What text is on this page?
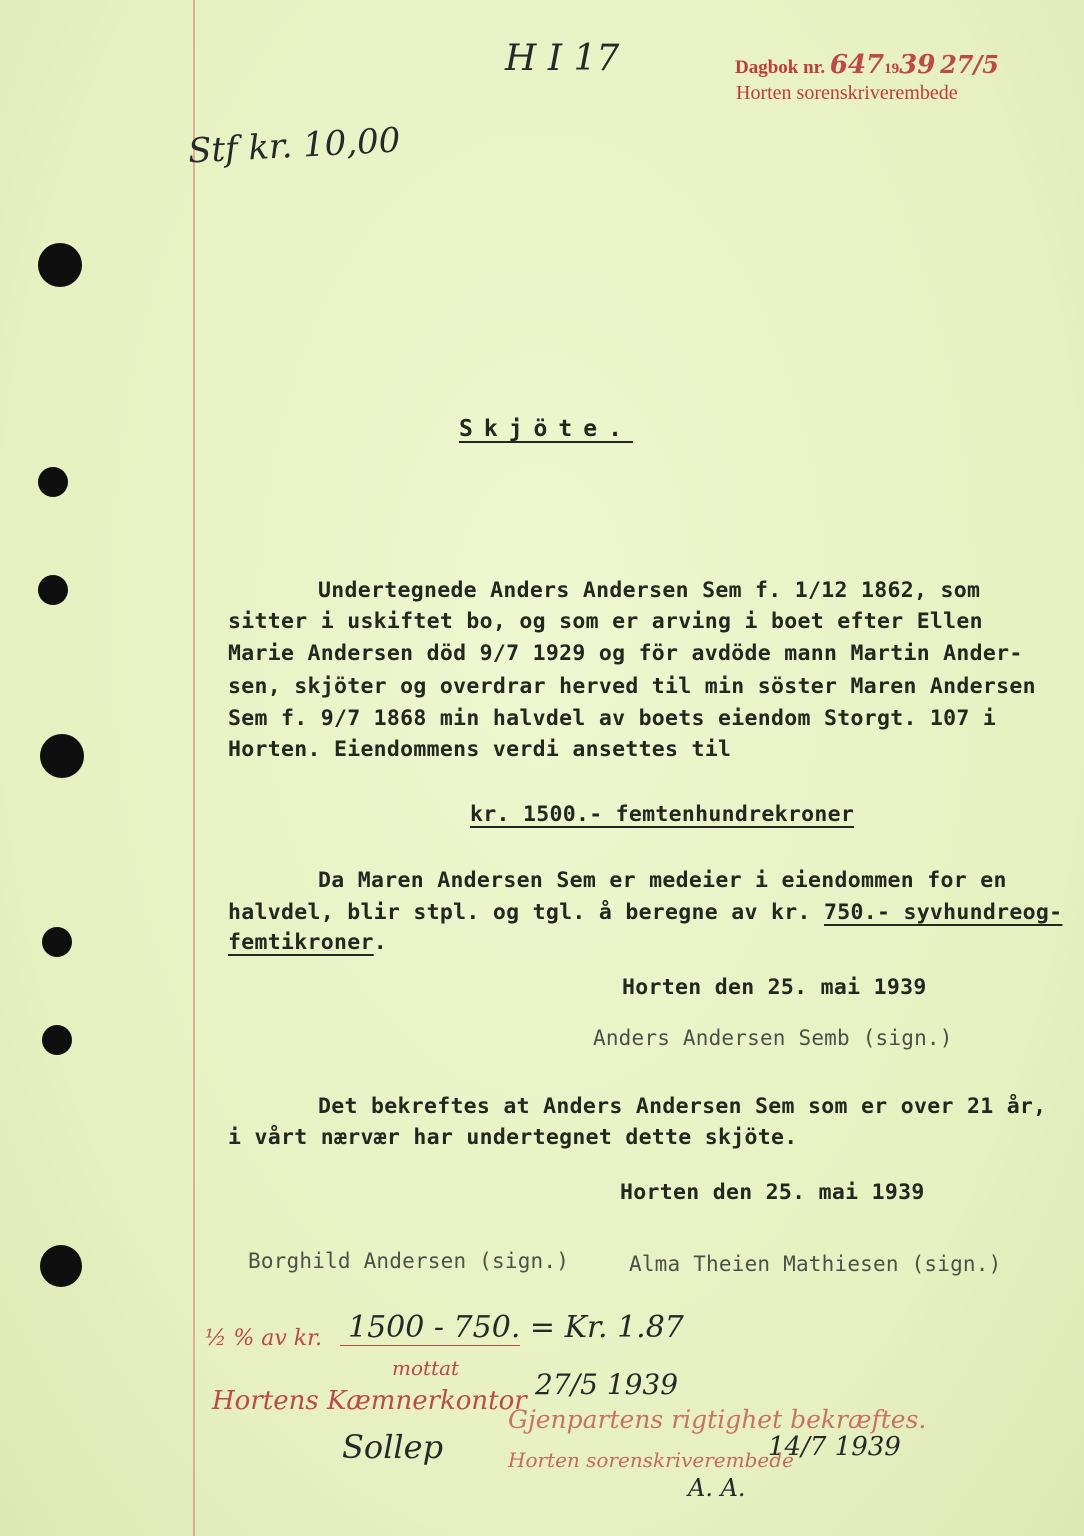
H I 17	Dagbok nr. 6471939 27/5
Horten sorenskriverembede
Stf kr. 10,00
Skjöte.
Undertegnede Anders Andersen Sem f. 1/12 1862, som
sitter i uskiftet bo, og som er arving i boet efter Ellen
Marie Andersen död 9/7 1929 og för avdöde mann Martin Ander-
sen, skjöter og overdrar herved til min söster Maren Andersen
Sem f. 9/7 1868 min halvdel av boets eiendom Storgt. 107 i
Horten. Eiendommens verdi ansettes til
kr. 1500.- femtenhundrekroner
Da Maren Andersen Sem er medeier i eiendommen for en
halvdel, blir stpl. og tgl. å beregne av kr. 750.- syvhundreog-
femtikroner.
Horten den 25. mai 1939
Anders Andersen Semb (sign.)
Det bekreftes at Anders Andersen Sem som er over 21 år,
i vårt nærvær har undertegnet dette skjöte.
Horten den 25. mai 1939
Borghild Andersen (sign.)	Alma Theien Mathiesen (sign.)
½ % av kr. 1500 - 750. = Kr. 1.87
mottat
Hortens Kæmnerkontor 27/5 1939
Gjenpartens rigtighet bekræftes.
Sollep	Horten sorenskriverembede
14/7 1939
A. A.
